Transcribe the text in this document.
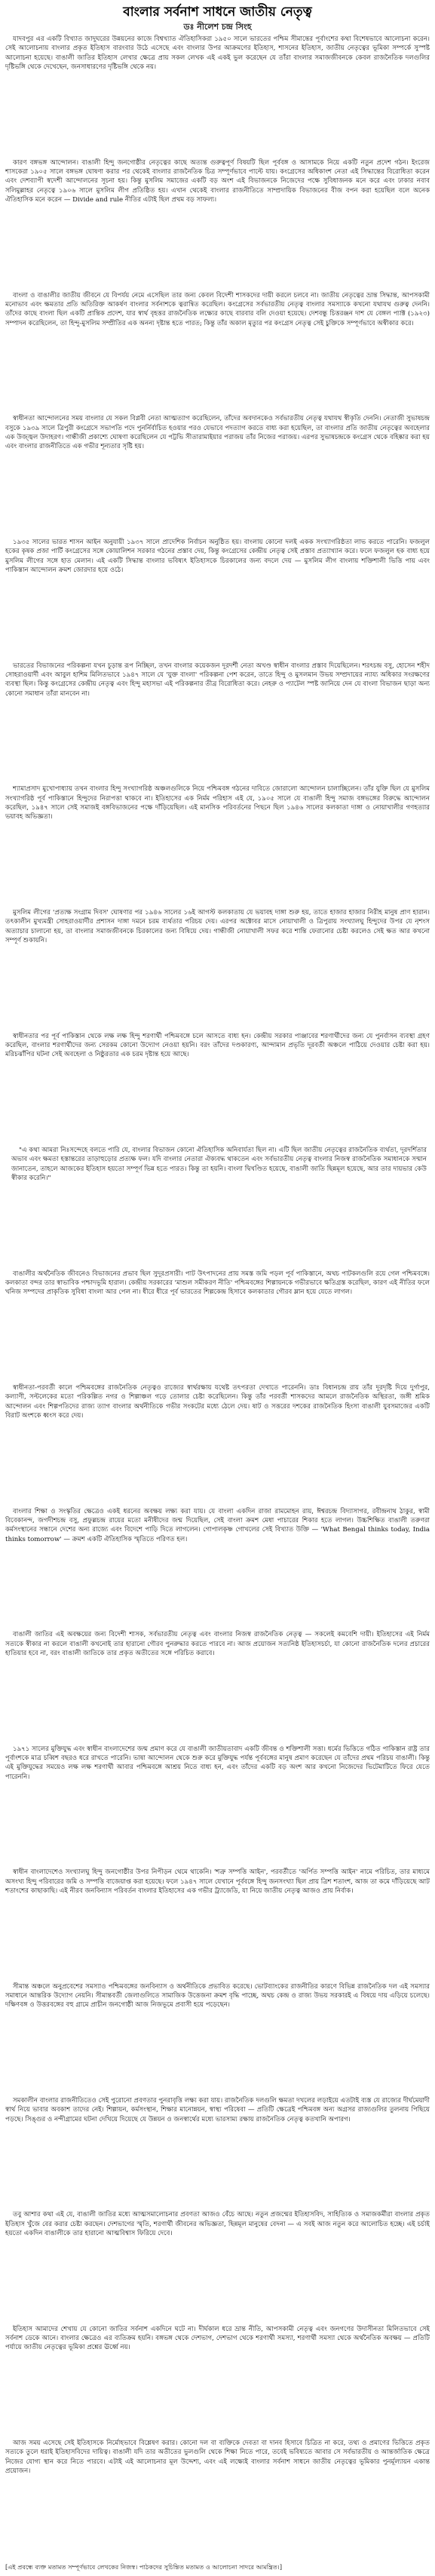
বাংলার সর্বনাশ সাধনে জাতীয় নেতৃত্ব
ডঃ নীলেশ চন্দ্র সিংহ

যাদবপুর এর একটি বিখ্যাত জাদুঘরের উন্নয়নের কাজে বিশ্বখ্যাত ঐতিহাসিকরা ১৯৫০ সালে ভারতের পশ্চিম সীমান্তের পূর্বাংশের কথা বিশেষভাবে আলোচনা করেন। সেই আলোচনায় বাংলার প্রকৃত ইতিহাস বারংবার উঠে এসেছে এবং বাংলার উপর আক্রমণের ইতিহাস, শাসনের ইতিহাস, জাতীয় নেতৃত্বের ভূমিকা সম্পর্কে সুস্পষ্ট আলোচনা হয়েছে। বাঙালী জাতির ইতিহাস লেখার ক্ষেত্রে প্রায় সকল লেখক এই একই ভুল করেছেন যে তাঁরা বাংলার সমাজজীবনকে কেবল রাজনৈতিক দলগুলির দৃষ্টিভঙ্গি থেকে দেখেছেন, জনসাধারণের দৃষ্টিভঙ্গি থেকে নয়।

কারণ বঙ্গভঙ্গ আন্দোলন। বাঙালী হিন্দু জনগোষ্ঠীর নেতৃত্বের কাছে অত্যন্ত গুরুত্বপূর্ণ বিষয়টি ছিল পূর্ববঙ্গ ও আসামকে নিয়ে একটি নতুন প্রদেশ গঠন। ইংরেজ শাসকেরা ১৯০৫ সালে বঙ্গভঙ্গ ঘোষণা করার পর থেকেই বাংলার রাজনৈতিক চিত্র সম্পূর্ণভাবে পাল্টে যায়। কংগ্রেসের অধিকাংশ নেতা এই সিদ্ধান্তের বিরোধিতা করেন এবং দেশব্যাপী স্বদেশী আন্দোলনের সূচনা হয়। কিন্তু মুসলিম সমাজের একটি বড় অংশ এই বিভাজনকে নিজেদের পক্ষে সুবিধাজনক মনে করে এবং ঢাকার নবাব সলিমুল্লাহর নেতৃত্বে ১৯০৬ সালে মুসলিম লীগ প্রতিষ্ঠিত হয়। এখান থেকেই বাংলার রাজনীতিতে সাম্প্রদায়িক বিভাজনের বীজ বপন করা হয়েছিল বলে অনেক ঐতিহাসিক মনে করেন — Divide and rule নীতির এটাই ছিল প্রথম বড় সাফল্য।

বাংলা ও বাঙালীর জাতীয় জীবনে যে বিপর্যয় নেমে এসেছিল তার জন্য কেবল বিদেশী শাসকদের দায়ী করলে চলবে না। জাতীয় নেতৃত্বের ভ্রান্ত সিদ্ধান্ত, আপসকামী মনোভাব এবং ক্ষমতার প্রতি অতিরিক্ত আকর্ষণ বাংলার সর্বনাশকে ত্বরান্বিত করেছিল। কংগ্রেসের সর্বভারতীয় নেতৃত্ব বাংলার সমস্যাকে কখনো যথাযথ গুরুত্ব দেননি। তাঁদের কাছে বাংলা ছিল একটি প্রান্তিক প্রদেশ, যার স্বার্থ বৃহত্তর রাজনৈতিক লক্ষ্যের কাছে বারবার বলি দেওয়া হয়েছে। দেশবন্ধু চিত্তরঞ্জন দাশ যে বেঙ্গল প্যাক্ট (১৯২৩) সম্পাদন করেছিলেন, তা হিন্দু-মুসলিম সম্প্রীতির এক অনন্য দৃষ্টান্ত হতে পারত; কিন্তু তাঁর অকাল মৃত্যুর পর কংগ্রেস নেতৃত্ব সেই চুক্তিকে সম্পূর্ণভাবে অস্বীকার করে।

স্বাধীনতা আন্দোলনের সময় বাংলার যে সকল বিপ্লবী নেতা আত্মত্যাগ করেছিলেন, তাঁদের অবদানকেও সর্বভারতীয় নেতৃত্ব যথাযথ স্বীকৃতি দেননি। নেতাজী সুভাষচন্দ্র বসুকে ১৯৩৯ সালে ত্রিপুরী কংগ্রেসে সভাপতি পদে পুনর্নির্বাচিত হওয়ার পরও যেভাবে পদত্যাগ করতে বাধ্য করা হয়েছিল, তা বাংলার প্রতি জাতীয় নেতৃত্বের অবহেলার এক উজ্জ্বল উদাহরণ। গান্ধীজী প্রকাশ্যে ঘোষণা করেছিলেন যে পট্টভি সীতারামাইয়ার পরাজয় তাঁর নিজের পরাজয়। এরপর সুভাষচন্দ্রকে কংগ্রেস থেকে বহিষ্কার করা হয় এবং বাংলার রাজনীতিতে এক গভীর শূন্যতার সৃষ্টি হয়।

১৯৩৫ সালের ভারত শাসন আইন অনুযায়ী ১৯৩৭ সালে প্রাদেশিক নির্বাচন অনুষ্ঠিত হয়। বাংলায় কোনো দলই একক সংখ্যাগরিষ্ঠতা লাভ করতে পারেনি। ফজলুল হকের কৃষক প্রজা পার্টি কংগ্রেসের সঙ্গে কোয়ালিশন সরকার গঠনের প্রস্তাব দেয়, কিন্তু কংগ্রেসের কেন্দ্রীয় নেতৃত্ব সেই প্রস্তাব প্রত্যাখ্যান করে। ফলে ফজলুল হক বাধ্য হয়ে মুসলিম লীগের সঙ্গে হাত মেলান। এই একটি সিদ্ধান্ত বাংলার ভবিষ্যৎ ইতিহাসকে চিরকালের জন্য বদলে দেয় — মুসলিম লীগ বাংলায় শক্তিশালী ভিত্তি পায় এবং পাকিস্তান আন্দোলন ক্রমশ জোরদার হয়ে ওঠে।

ভারতের বিভাজনের পরিকল্পনা যখন চূড়ান্ত রূপ নিচ্ছিল, তখন বাংলার কয়েকজন দূরদর্শী নেতা অখণ্ড স্বাধীন বাংলার প্রস্তাব দিয়েছিলেন। শরৎচন্দ্র বসু, হোসেন শহীদ সোহরাওয়ার্দী এবং আবুল হাশিম মিলিতভাবে ১৯৪৭ সালে যে 'যুক্ত বাংলা' পরিকল্পনা পেশ করেন, তাতে হিন্দু ও মুসলমান উভয় সম্প্রদায়ের ন্যায্য অধিকার সংরক্ষণের ব্যবস্থা ছিল। কিন্তু কংগ্রেসের কেন্দ্রীয় নেতৃত্ব এবং হিন্দু মহাসভা এই পরিকল্পনার তীব্র বিরোধিতা করে। নেহরু ও প্যাটেল স্পষ্ট জানিয়ে দেন যে বাংলা বিভাজন ছাড়া অন্য কোনো সমাধান তাঁরা মানবেন না।

শ্যামাপ্রসাদ মুখোপাধ্যায় তখন বাংলার হিন্দু সংখ্যাগরিষ্ঠ অঞ্চলগুলিকে নিয়ে পশ্চিমবঙ্গ গঠনের দাবিতে জোরালো আন্দোলন চালাচ্ছিলেন। তাঁর যুক্তি ছিল যে মুসলিম সংখ্যাগরিষ্ঠ পূর্ব পাকিস্তানে হিন্দুদের নিরাপত্তা থাকবে না। ইতিহাসের এক নির্মম পরিহাস এই যে, ১৯০৫ সালে যে বাঙালী হিন্দু সমাজ বঙ্গভঙ্গের বিরুদ্ধে আন্দোলন করেছিল, ১৯৪৭ সালে সেই সমাজই বঙ্গবিভাজনের পক্ষে দাঁড়িয়েছিল। এই মানসিক পরিবর্তনের পিছনে ছিল ১৯৪৬ সালের কলকাতা দাঙ্গা ও নোয়াখালীর গণহত্যার ভয়াবহ অভিজ্ঞতা।

মুসলিম লীগের 'প্রত্যক্ষ সংগ্রাম দিবস' ঘোষণার পর ১৯৪৬ সালের ১৬ই আগস্ট কলকাতায় যে ভয়াবহ দাঙ্গা শুরু হয়, তাতে হাজার হাজার নিরীহ মানুষ প্রাণ হারান। তৎকালীন মুখ্যমন্ত্রী সোহরাওয়ার্দীর প্রশাসন দাঙ্গা দমনে চরম ব্যর্থতার পরিচয় দেয়। এরপর অক্টোবর মাসে নোয়াখালী ও ত্রিপুরায় সংখ্যালঘু হিন্দুদের উপর যে নৃশংস অত্যাচার চালানো হয়, তা বাংলার সমাজজীবনকে চিরকালের জন্য বিষিয়ে দেয়। গান্ধীজী নোয়াখালী সফর করে শান্তি ফেরানোর চেষ্টা করলেও সেই ক্ষত আর কখনো সম্পূর্ণ শুকায়নি।

স্বাধীনতার পর পূর্ব পাকিস্তান থেকে লক্ষ লক্ষ হিন্দু শরণার্থী পশ্চিমবঙ্গে চলে আসতে বাধ্য হন। কেন্দ্রীয় সরকার পাঞ্জাবের শরণার্থীদের জন্য যে পুনর্বাসন ব্যবস্থা গ্রহণ করেছিল, বাংলার শরণার্থীদের জন্য সেরকম কোনো উদ্যোগ নেওয়া হয়নি। বরং তাঁদের দণ্ডকারণ্য, আন্দামান প্রভৃতি দূরবর্তী অঞ্চলে পাঠিয়ে দেওয়ার চেষ্টা করা হয়। মরিচঝাঁপির ঘটনা সেই অবহেলা ও নিষ্ঠুরতার এক চরম দৃষ্টান্ত হয়ে আছে।

"এ কথা আমরা নিঃসন্দেহে বলতে পারি যে, বাংলার বিভাজন কোনো ঐতিহাসিক অনিবার্যতা ছিল না। এটি ছিল জাতীয় নেতৃত্বের রাজনৈতিক ব্যর্থতা, দূরদর্শিতার অভাব এবং ক্ষমতা হস্তান্তরের তাড়াহুড়োর প্রত্যক্ষ ফল। যদি বাংলার নেতারা ঐক্যবদ্ধ থাকতেন এবং সর্বভারতীয় নেতৃত্ব বাংলার নিজস্ব রাজনৈতিক সমাধানকে সম্মান জানাতেন, তাহলে আজকের ইতিহাস হয়তো সম্পূর্ণ ভিন্ন হতে পারত। কিন্তু তা হয়নি। বাংলা দ্বিখণ্ডিত হয়েছে, বাঙালী জাতি ছিন্নমূল হয়েছে, আর তার দায়ভার কেউ স্বীকার করেনি।"

বাঙালীর অর্থনৈতিক জীবনেও বিভাজনের প্রভাব ছিল সুদূরপ্রসারী। পাট উৎপাদনের প্রায় সমস্ত জমি পড়ল পূর্ব পাকিস্তানে, অথচ পাটকলগুলি রয়ে গেল পশ্চিমবঙ্গে। কলকাতা বন্দর তার স্বাভাবিক পশ্চাদভূমি হারাল। কেন্দ্রীয় সরকারের 'মাশুল সমীকরণ নীতি' পশ্চিমবঙ্গের শিল্পায়নকে গভীরভাবে ক্ষতিগ্রস্ত করেছিল, কারণ এই নীতির ফলে খনিজ সম্পদের প্রাকৃতিক সুবিধা বাংলা আর পেল না। ধীরে ধীরে পূর্ব ভারতের শিল্পকেন্দ্র হিসাবে কলকাতার গৌরব ম্লান হয়ে যেতে লাগল।

স্বাধীনতা-পরবর্তী কালে পশ্চিমবঙ্গের রাজনৈতিক নেতৃত্বও রাজ্যের স্বার্থরক্ষায় যথেষ্ট তৎপরতা দেখাতে পারেননি। ডাঃ বিধানচন্দ্র রায় তাঁর দূরদৃষ্টি দিয়ে দুর্গাপুর, কল্যাণী, সল্টলেকের মতো পরিকল্পিত নগর ও শিল্পাঞ্চল গড়ে তোলার চেষ্টা করেছিলেন। কিন্তু তাঁর পরবর্তী শাসকদের আমলে রাজনৈতিক অস্থিরতা, জঙ্গী শ্রমিক আন্দোলন এবং শিল্পপতিদের রাজ্য ত্যাগ বাংলার অর্থনীতিকে গভীর সংকটের মধ্যে ঠেলে দেয়। ষাট ও সত্তরের দশকের রাজনৈতিক হিংসা বাঙালী যুবসমাজের একটি বিরাট অংশকে ধ্বংস করে দেয়।

বাংলার শিক্ষা ও সংস্কৃতির ক্ষেত্রেও একই ধরনের অবক্ষয় লক্ষ্য করা যায়। যে বাংলা একদিন রাজা রামমোহন রায়, ঈশ্বরচন্দ্র বিদ্যাসাগর, রবীন্দ্রনাথ ঠাকুর, স্বামী বিবেকানন্দ, জগদীশচন্দ্র বসু, প্রফুল্লচন্দ্র রায়ের মতো মনীষীদের জন্ম দিয়েছিল, সেই বাংলা ক্রমশ মেধা পাচারের শিকার হতে লাগল। উচ্চশিক্ষিত বাঙালী তরুণরা কর্মসংস্থানের সন্ধানে দেশের অন্য রাজ্যে এবং বিদেশে পাড়ি দিতে লাগলেন। গোপালকৃষ্ণ গোখলের সেই বিখ্যাত উক্তি — 'What Bengal thinks today, India thinks tomorrow' — ক্রমশ একটি ঐতিহাসিক স্মৃতিতে পরিণত হল।

বাঙালী জাতির এই অবক্ষয়ের জন্য বিদেশী শাসক, সর্বভারতীয় নেতৃত্ব এবং বাংলার নিজস্ব রাজনৈতিক নেতৃত্ব — সকলেই কমবেশি দায়ী। ইতিহাসের এই নির্মম সত্যকে স্বীকার না করলে বাঙালী কখনোই তার হারানো গৌরব পুনরুদ্ধার করতে পারবে না। আজ প্রয়োজন সত্যনিষ্ঠ ইতিহাসচর্চা, যা কোনো রাজনৈতিক দলের প্রচারের হাতিয়ার হবে না, বরং বাঙালী জাতিকে তার প্রকৃত অতীতের সঙ্গে পরিচিত করাবে।

১৯৭১ সালের মুক্তিযুদ্ধ এবং স্বাধীন বাংলাদেশের জন্ম প্রমাণ করে যে বাঙালী জাতীয়তাবাদ একটি জীবন্ত ও শক্তিশালী সত্তা। ধর্মের ভিত্তিতে গঠিত পাকিস্তান রাষ্ট্র তার পূর্বাংশকে মাত্র চব্বিশ বছরও ধরে রাখতে পারেনি। ভাষা আন্দোলন থেকে শুরু করে মুক্তিযুদ্ধ পর্যন্ত পূর্ববঙ্গের মানুষ প্রমাণ করেছেন যে তাঁদের প্রথম পরিচয় বাঙালী। কিন্তু এই মুক্তিযুদ্ধের সময়েও লক্ষ লক্ষ শরণার্থী আবার পশ্চিমবঙ্গে আশ্রয় নিতে বাধ্য হন, এবং তাঁদের একটি বড় অংশ আর কখনো নিজেদের ভিটেমাটিতে ফিরে যেতে পারেননি।

স্বাধীন বাংলাদেশেও সংখ্যালঘু হিন্দু জনগোষ্ঠীর উপর নিপীড়ন থেমে থাকেনি। 'শত্রু সম্পত্তি আইন', পরবর্তীতে 'অর্পিত সম্পত্তি আইন' নামে পরিচিত, তার মাধ্যমে অসংখ্য হিন্দু পরিবারের জমি ও সম্পত্তি বাজেয়াপ্ত করা হয়েছে। ফলে ১৯৪৭ সালে যেখানে পূর্ববঙ্গে হিন্দু জনসংখ্যা ছিল প্রায় ত্রিশ শতাংশ, আজ তা কমে দাঁড়িয়েছে আট শতাংশের কাছাকাছি। এই নীরব জনবিন্যাস পরিবর্তন বাংলার ইতিহাসের এক গভীর ট্র্যাজেডি, যা নিয়ে জাতীয় নেতৃত্ব আজও প্রায় নির্বাক।

সীমান্ত অঞ্চলে অনুপ্রবেশের সমস্যাও পশ্চিমবঙ্গের জনবিন্যাস ও অর্থনীতিকে প্রভাবিত করেছে। ভোটব্যাংকের রাজনীতির কারণে বিভিন্ন রাজনৈতিক দল এই সমস্যার সমাধানে আন্তরিক উদ্যোগ নেয়নি। সীমান্তবর্তী জেলাগুলিতে সামাজিক উত্তেজনা ক্রমশ বৃদ্ধি পাচ্ছে, অথচ কেন্দ্র ও রাজ্য উভয় সরকারই এ বিষয়ে দায় এড়িয়ে চলেছে। দক্ষিণবঙ্গ ও উত্তরবঙ্গের বহু গ্রামে প্রাচীন জনগোষ্ঠী আজ নিজভূমে প্রবাসী হয়ে পড়েছেন।

সমকালীন বাংলার রাজনীতিতেও সেই পুরোনো প্রবণতার পুনরাবৃত্তি লক্ষ্য করা যায়। রাজনৈতিক দলগুলি ক্ষমতা দখলের লড়াইয়ে এতটাই ব্যস্ত যে রাজ্যের দীর্ঘমেয়াদী স্বার্থ নিয়ে ভাবার অবকাশ তাদের নেই। শিল্পায়ন, কর্মসংস্থান, শিক্ষার মানোন্নয়ন, স্বাস্থ্য পরিষেবা — প্রতিটি ক্ষেত্রেই পশ্চিমবঙ্গ অন্য অগ্রসর রাজ্যগুলির তুলনায় পিছিয়ে পড়ছে। সিঙ্গুর ও নন্দীগ্রামের ঘটনা দেখিয়ে দিয়েছে যে উন্নয়ন ও জনস্বার্থের মধ্যে ভারসাম্য রক্ষায় রাজনৈতিক নেতৃত্ব কতখানি অপারগ।

তবু আশার কথা এই যে, বাঙালী জাতির মধ্যে আত্মসমালোচনার প্রবণতা আজও বেঁচে আছে। নতুন প্রজন্মের ইতিহাসবিদ, সাহিত্যিক ও সমাজকর্মীরা বাংলার প্রকৃত ইতিহাস খুঁজে বের করার চেষ্টা করছেন। দেশভাগের স্মৃতি, শরণার্থী জীবনের অভিজ্ঞতা, ছিন্নমূল মানুষের বেদনা — এ সবই আজ নতুন করে আলোচিত হচ্ছে। এই চর্চাই হয়তো একদিন বাঙালীকে তার হারানো আত্মবিশ্বাস ফিরিয়ে দেবে।

ইতিহাস আমাদের শেখায় যে কোনো জাতির সর্বনাশ একদিনে ঘটে না। দীর্ঘকাল ধরে ভ্রান্ত নীতি, আপসকামী নেতৃত্ব এবং জনগণের উদাসীনতা মিলিতভাবে সেই সর্বনাশ ডেকে আনে। বাংলার ক্ষেত্রেও এর ব্যতিক্রম হয়নি। বঙ্গভঙ্গ থেকে দেশভাগ, দেশভাগ থেকে শরণার্থী সমস্যা, শরণার্থী সমস্যা থেকে অর্থনৈতিক অবক্ষয় — প্রতিটি পর্যায়ে জাতীয় নেতৃত্বের ভূমিকা প্রশ্নের ঊর্ধ্বে নয়।

আজ সময় এসেছে সেই ইতিহাসকে নির্মোহভাবে বিশ্লেষণ করার। কোনো দল বা ব্যক্তিকে দেবতা বা দানব হিসাবে চিত্রিত না করে, তথ্য ও প্রমাণের ভিত্তিতে প্রকৃত সত্যকে তুলে ধরাই ইতিহাসবিদের দায়িত্ব। বাঙালী যদি তার অতীতের ভুলগুলি থেকে শিক্ষা নিতে পারে, তবেই ভবিষ্যতে আবার সে সর্বভারতীয় ও আন্তর্জাতিক ক্ষেত্রে নিজের যোগ্য স্থান করে নিতে পারবে। এটাই এই আলোচনার মূল উদ্দেশ্য, এবং এই লক্ষ্যেই বাংলার সর্বনাশ সাধনে জাতীয় নেতৃত্বের ভূমিকার পুনর্মূল্যায়ন একান্ত প্রয়োজন।

[এই প্রবন্ধে ব্যক্ত মতামত সম্পূর্ণভাবে লেখকের নিজস্ব। পাঠকদের সুচিন্তিত মতামত ও আলোচনা সাদরে আমন্ত্রিত।]
